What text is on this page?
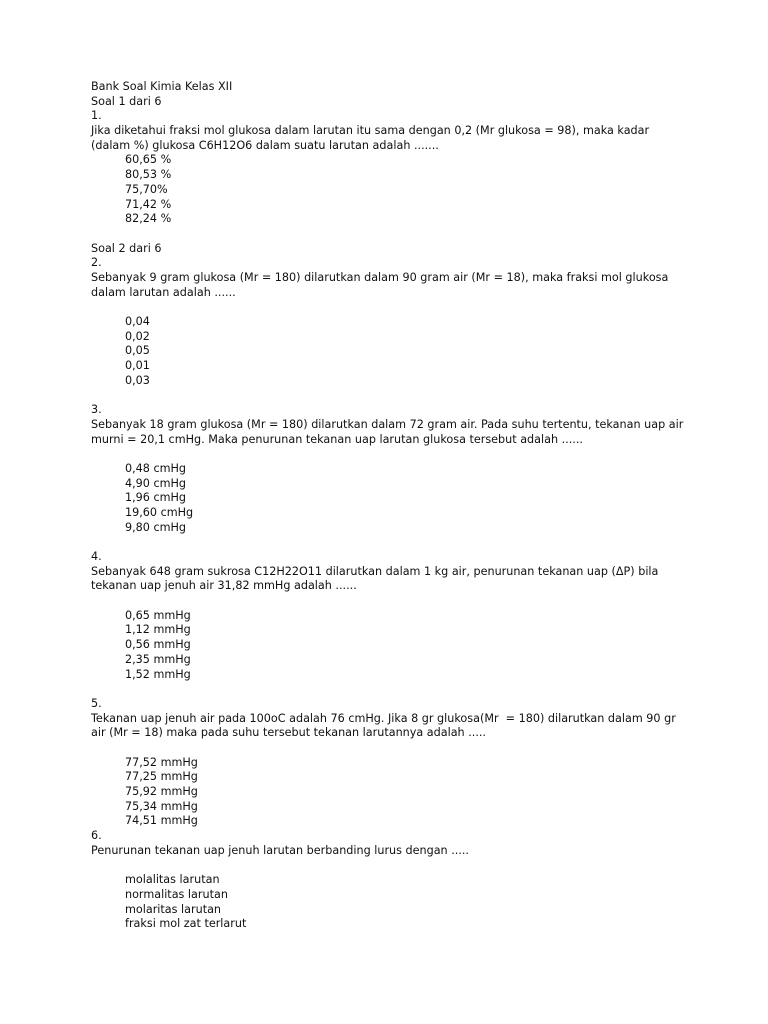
Bank Soal Kimia Kelas XII
Soal 1 dari 6
1.
Jika diketahui fraksi mol glukosa dalam larutan itu sama dengan 0,2 (Mr glukosa = 98), maka kadar
(dalam %) glukosa C6H12O6 dalam suatu larutan adalah .......
60,65 %
80,53 %
75,70%
71,42 %
82,24 %
Soal 2 dari 6
2.
Sebanyak 9 gram glukosa (Mr = 180) dilarutkan dalam 90 gram air (Mr = 18), maka fraksi mol glukosa
dalam larutan adalah ......
0,04
0,02
0,05
0,01
0,03
3.
Sebanyak 18 gram glukosa (Mr = 180) dilarutkan dalam 72 gram air. Pada suhu tertentu, tekanan uap air
murni = 20,1 cmHg. Maka penurunan tekanan uap larutan glukosa tersebut adalah ......
0,48 cmHg
4,90 cmHg
1,96 cmHg
19,60 cmHg
9,80 cmHg
4.
Sebanyak 648 gram sukrosa C12H22O11 dilarutkan dalam 1 kg air, penurunan tekanan uap (ΔP) bila
tekanan uap jenuh air 31,82 mmHg adalah ......
0,65 mmHg
1,12 mmHg
0,56 mmHg
2,35 mmHg
1,52 mmHg
5.
Tekanan uap jenuh air pada 100oC adalah 76 cmHg. Jika 8 gr glukosa(Mr  = 180) dilarutkan dalam 90 gr
air (Mr = 18) maka pada suhu tersebut tekanan larutannya adalah .....
77,52 mmHg
77,25 mmHg
75,92 mmHg
75,34 mmHg
74,51 mmHg
6.
Penurunan tekanan uap jenuh larutan berbanding lurus dengan .....
molalitas larutan
normalitas larutan
molaritas larutan
fraksi mol zat terlarut
